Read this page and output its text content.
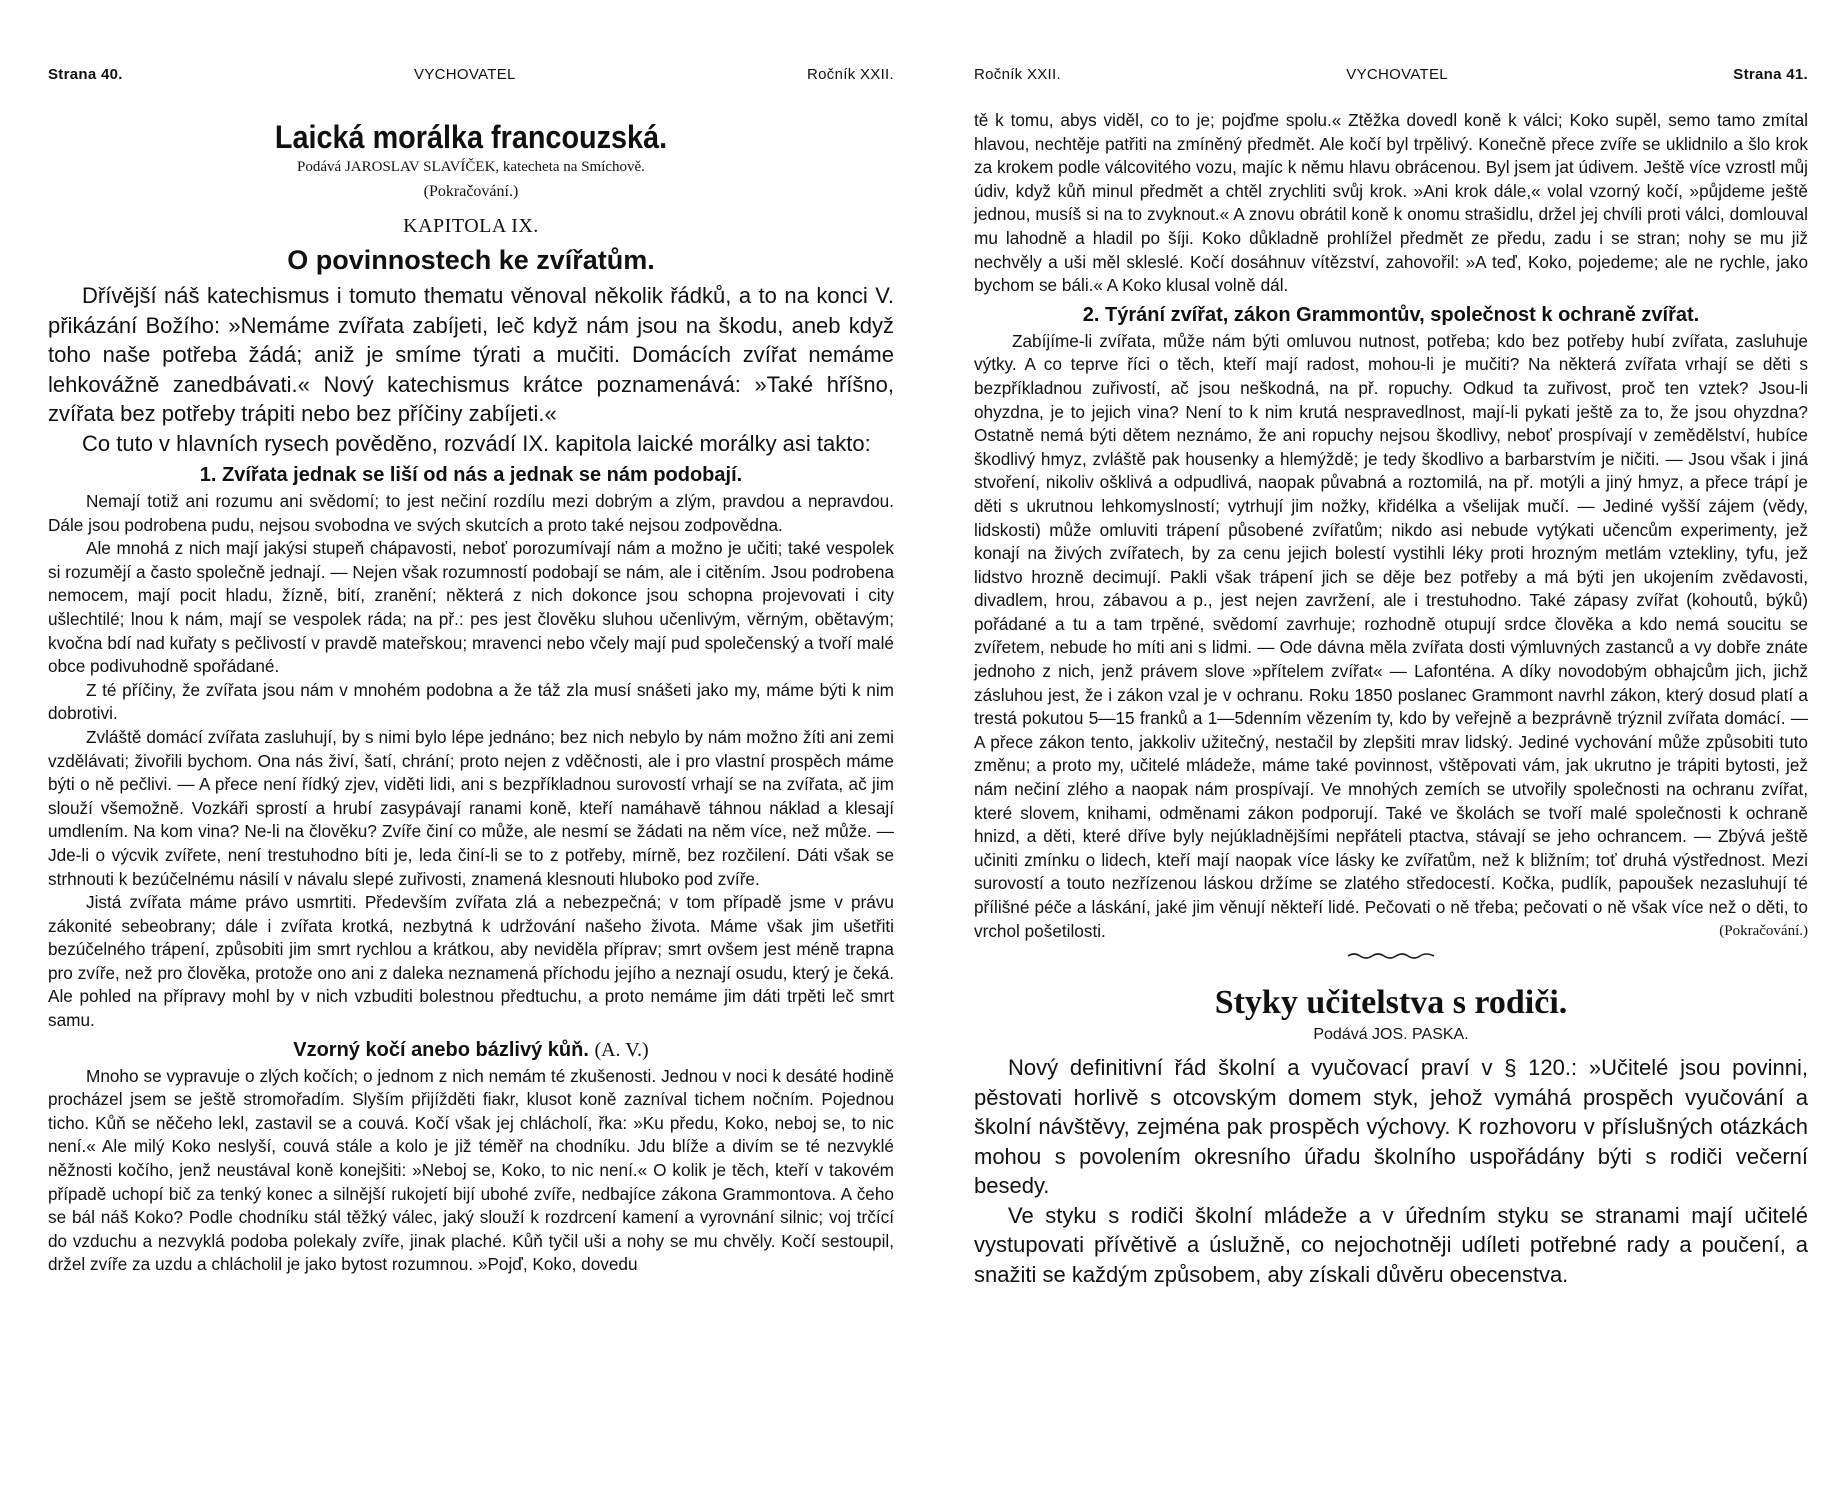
Strana 40.	VYCHOVATEL	Ročník XXII.
Laická morálka francouzská.
Podává JAROSLAV SLAVÍČEK, katecheta na Smíchově.
(Pokračování.)
KAPITOLA IX.
O povinnostech ke zvířatům.

Dřívější náš katechismus i tomuto thematu věnoval několik řádků, a to na konci V. přikázání Božího: »Nemáme zvířata zabíjeti, leč když nám jsou na škodu, aneb když toho naše potřeba žádá; aniž je smíme týrati a mučiti. Domácích zvířat nemáme lehkovážně zanedbávati.« Nový katechismus krátce poznamenává: »Také hříšno, zvířata bez potřeby trápiti nebo bez příčiny zabíjeti.«

Co tuto v hlavních rysech pověděno, rozvádí IX. kapitola laické morálky asi takto:

1. Zvířata jednak se liší od nás a jednak se nám podobají.

Nemají totiž ani rozumu ani svědomí; to jest nečiní rozdílu mezi dobrým a zlým, pravdou a nepravdou. Dále jsou podrobena pudu, nejsou svobodna ve svých skutcích a proto také nejsou zodpovědna.

Ale mnohá z nich mají jakýsi stupeň chápavosti, neboť porozumívají nám a možno je učiti; také vespolek si rozumějí a často společně jednají. — Nejen však rozumností podobají se nám, ale i citěním. Jsou podrobena nemocem, mají pocit hladu, žízně, bití, zranění; některá z nich dokonce jsou schopna projevovati i city ušlechtilé; lnou k nám, mají se vespolek ráda; na př.: pes jest člověku sluhou učenlivým, věrným, obětavým; kvočna bdí nad kuřaty s pečlivostí v pravdě mateřskou; mravenci nebo včely mají pud společenský a tvoří malé obce podivuhodně spořádané.

Z té příčiny, že zvířata jsou nám v mnohém podobna a že táž zla musí snášeti jako my, máme býti k nim dobrotivi.

Zvláště domácí zvířata zasluhují, by s nimi bylo lépe jednáno; bez nich nebylo by nám možno žíti ani zemi vzdělávati; živořili bychom. Ona nás živí, šatí, chrání; proto nejen z vděčnosti, ale i pro vlastní prospěch máme býti o ně pečlivi. — A přece není řídký zjev, viděti lidi, ani s bezpříkladnou surovostí vrhají se na zvířata, ač jim slouží všemožně. Vozkáři sprostí a hrubí zasypávají ranami koně, kteří namáhavě táhnou náklad a klesají umdlením. Na kom vina? Ne-li na člověku? Zvíře činí co může, ale nesmí se žádati na něm více, než může. — Jde-li o výcvik zvířete, není trestuhodno bíti je, leda činí-li se to z potřeby, mírně, bez rozčilení. Dáti však se strhnouti k bezúčelnému násilí v návalu slepé zuřivosti, znamená klesnouti hluboko pod zvíře.

Jistá zvířata máme právo usmrtiti. Především zvířata zlá a nebezpečná; v tom případě jsme v právu zákonité sebeobrany; dále i zvířata krotká, nezbytná k udržování našeho života. Máme však jim ušetřiti bezúčelného trápení, způsobiti jim smrt rychlou a krátkou, aby neviděla příprav; smrt ovšem jest méně trapna pro zvíře, než pro člověka, protože ono ani z daleka neznamená příchodu jejího a neznají osudu, který je čeká. Ale pohled na přípravy mohl by v nich vzbuditi bolestnou předtuchu, a proto nemáme jim dáti trpěti leč smrt samu.

Vzorný kočí anebo bázlivý kůň. (A. V.)

Mnoho se vypravuje o zlých kočích; o jednom z nich nemám té zkušenosti. Jednou v noci k desáté hodině procházel jsem se ještě stromořadím. Slyším přijížděti fiakr, klusot koně zazníval tichem nočním. Pojednou ticho. Kůň se něčeho lekl, zastavil se a couvá. Kočí však jej chlácholí, řka: »Ku předu, Koko, neboj se, to nic není.« Ale milý Koko neslyší, couvá stále a kolo je již téměř na chodníku. Jdu blíže a divím se té nezvyklé něžnosti kočího, jenž neustával koně konejšiti: »Neboj se, Koko, to nic není.« O kolik je těch, kteří v takovém případě uchopí bič za tenký konec a silnější rukojetí bijí ubohé zvíře, nedbajíce zákona Grammontova. A čeho se bál náš Koko? Podle chodníku stál těžký válec, jaký slouží k rozdrcení kamení a vyrovnání silnic; voj trčící do vzduchu a nezvyklá podoba polekaly zvíře, jinak plaché. Kůň tyčil uši a nohy se mu chvěly. Kočí sestoupil, držel zvíře za uzdu a chlácholil je jako bytost rozumnou. »Pojď, Koko, dovedu

Ročník XXII.	VYCHOVATEL	Strana 41.

tě k tomu, abys viděl, co to je; pojďme spolu.« Ztěžka dovedl koně k válci; Koko supěl, semo tamo zmítal hlavou, nechtěje patřiti na zmíněný předmět. Ale kočí byl trpělivý. Konečně přece zvíře se uklidnilo a šlo krok za krokem podle válcovitého vozu, majíc k němu hlavu obrácenou. Byl jsem jat údivem. Ještě více vzrostl můj údiv, když kůň minul předmět a chtěl zrychliti svůj krok. »Ani krok dále,« volal vzorný kočí, »půjdeme ještě jednou, musíš si na to zvyknout.« A znovu obrátil koně k onomu strašidlu, držel jej chvíli proti válci, domlouval mu lahodně a hladil po šíji. Koko důkladně prohlížel předmět ze předu, zadu i se stran; nohy se mu již nechvěly a uši měl skleslé. Kočí dosáhnuv vítězství, zahovořil: »A teď, Koko, pojedeme; ale ne rychle, jako bychom se báli.« A Koko klusal volně dál.

2. Týrání zvířat, zákon Grammontův, společnost k ochraně zvířat.

Zabíjíme-li zvířata, může nám býti omluvou nutnost, potřeba; kdo bez potřeby hubí zvířata, zasluhuje výtky. A co teprve říci o těch, kteří mají radost, mohou-li je mučiti? Na některá zvířata vrhají se děti s bezpříkladnou zuřivostí, ač jsou neškodná, na př. ropuchy. Odkud ta zuřivost, proč ten vztek? Jsou-li ohyzdna, je to jejich vina? Není to k nim krutá nespravedlnost, mají-li pykati ještě za to, že jsou ohyzdna? Ostatně nemá býti dětem neznámo, že ani ropuchy nejsou škodlivy, neboť prospívají v zemědělství, hubíce škodlivý hmyz, zvláště pak housenky a hlemýždě; je tedy škodlivo a barbarstvím je ničiti. — Jsou však i jiná stvoření, nikoliv ošklivá a odpudlivá, naopak půvabná a roztomilá, na př. motýli a jiný hmyz, a přece trápí je děti s ukrutnou lehkomyslností; vytrhují jim nožky, křidélka a všelijak mučí. — Jediné vyšší zájem (vědy, lidskosti) může omluviti trápení působené zvířatům; nikdo asi nebude vytýkati učencům experimenty, jež konají na živých zvířatech, by za cenu jejich bolestí vystihli léky proti hrozným metlám vztekliny, tyfu, jež lidstvo hrozně decimují. Pakli však trápení jich se děje bez potřeby a má býti jen ukojením zvědavosti, divadlem, hrou, zábavou a p., jest nejen zavržení, ale i trestuhodno. Také zápasy zvířat (kohoutů, býků) pořádané a tu a tam trpěné, svědomí zavrhuje; rozhodně otupují srdce člověka a kdo nemá soucitu se zvířetem, nebude ho míti ani s lidmi. — Ode dávna měla zvířata dosti výmluvných zastanců a vy dobře znáte jednoho z nich, jenž právem slove »přítelem zvířat« — Lafonténa. A díky novodobým obhajcům jich, jichž zásluhou jest, že i zákon vzal je v ochranu. Roku 1850 poslanec Grammont navrhl zákon, který dosud platí a trestá pokutou 5—15 franků a 1—5denním vězením ty, kdo by veřejně a bezprávně trýznil zvířata domácí. — A přece zákon tento, jakkoliv užitečný, nestačil by zlepšiti mrav lidský. Jediné vychování může způsobiti tuto změnu; a proto my, učitelé mládeže, máme také povinnost, vštěpovati vám, jak ukrutno je trápiti bytosti, jež nám nečiní zlého a naopak nám prospívají. Ve mnohých zemích se utvořily společnosti na ochranu zvířat, které slovem, knihami, odměnami zákon podporují. Také ve školách se tvoří malé společnosti k ochraně hnizd, a děti, které dříve byly nejúkladnějšími nepřáteli ptactva, stávají se jeho ochrancem. — Zbývá ještě učiniti zmínku o lidech, kteří mají naopak více lásky ke zvířatům, než k bližním; toť druhá výstřednost. Mezi surovostí a touto nezřízenou láskou držíme se zlatého středocestí. Kočka, pudlík, papoušek nezasluhují té přílišné péče a láskání, jaké jim věnují někteří lidé. Pečovati o ně třeba; pečovati o ně však více než o děti, to vrchol pošetilosti.	(Pokračování.)

Styky učitelstva s rodiči.
Podává JOS. PASKA.

Nový definitivní řád školní a vyučovací praví v § 120.: »Učitelé jsou povinni, pěstovati horlivě s otcovským domem styk, jehož vymáhá prospěch vyučování a školní návštěvy, zejména pak prospěch výchovy. K rozhovoru v příslušných otázkách mohou s povolením okresního úřadu školního uspořádány býti s rodiči večerní besedy.

Ve styku s rodiči školní mládeže a v úředním styku se stranami mají učitelé vystupovati přívětivě a úslužně, co nejochotněji udíleti potřebné rady a poučení, a snažiti se každým způsobem, aby získali důvěru obecenstva.
